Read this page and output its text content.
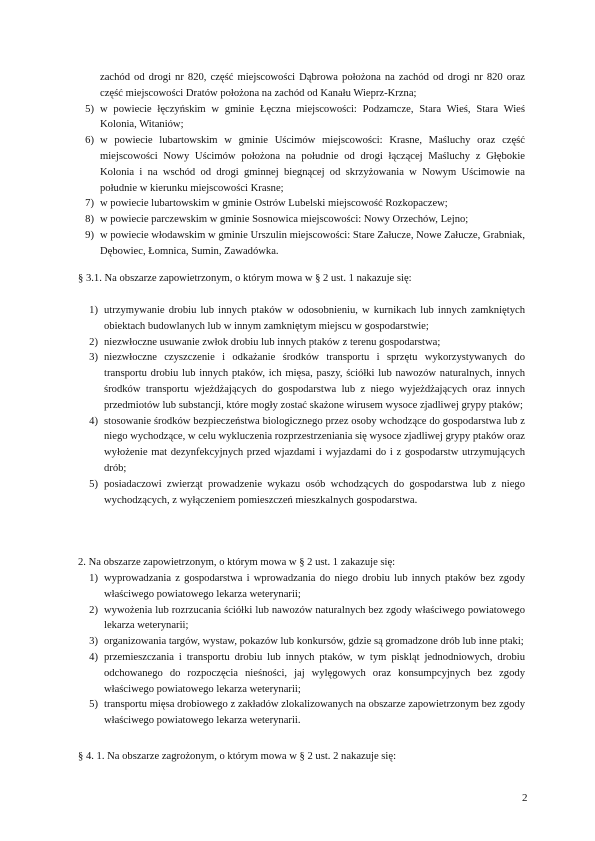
zachód od drogi nr 820, część miejscowości Dąbrowa położona na zachód od drogi nr 820 oraz część miejscowości Dratów położona na zachód od Kanału Wieprz-Krzna;
5) w powiecie łęczyńskim w gminie Łęczna miejscowości: Podzamcze, Stara Wieś, Stara Wieś Kolonia, Witaniów;
6) w powiecie lubartowskim w gminie Uścimów miejscowości: Krasne, Maśluchy oraz część miejscowości Nowy Uścimów położona na południe od drogi łączącej Maśluchy z Głębokie Kolonia i na wschód od drogi gminnej biegnącej od skrzyżowania w Nowym Uścimowie na południe w kierunku miejscowości Krasne;
7) w powiecie lubartowskim w gminie Ostrów Lubelski miejscowość Rozkopaczew;
8) w powiecie parczewskim w gminie Sosnowica miejscowości: Nowy Orzechów, Lejno;
9) w powiecie włodawskim w gminie Urszulin miejscowości: Stare Załucze, Nowe Załucze, Grabniak, Dębowiec, Łomnica, Sumin, Zawadówka.
§ 3.1. Na obszarze zapowietrzonym, o którym mowa w § 2 ust. 1 nakazuje się:
1) utrzymywanie drobiu lub innych ptaków w odosobnieniu, w kurnikach lub innych zamkniętych obiektach budowlanych lub w innym zamkniętym miejscu w gospodarstwie;
2) niezwłoczne usuwanie zwłok drobiu lub innych ptaków z terenu gospodarstwa;
3) niezwłoczne czyszczenie i odkażanie środków transportu i sprzętu wykorzystywanych do transportu drobiu lub innych ptaków, ich mięsa, paszy, ściółki lub nawozów naturalnych, innych środków transportu wjeżdżających do gospodarstwa lub z niego wyjeżdżających oraz innych przedmiotów lub substancji, które mogły zostać skażone wirusem wysoce zjadliwej grypy ptaków;
4) stosowanie środków bezpieczeństwa biologicznego przez osoby wchodzące do gospodarstwa lub z niego wychodzące, w celu wykluczenia rozprzestrzeniania się wysoce zjadliwej grypy ptaków oraz wyłożenie mat dezynfekcyjnych przed wjazdami i wyjazdami do i z gospodarstw utrzymujących drób;
5) posiadaczowi zwierząt prowadzenie wykazu osób wchodzących do gospodarstwa lub z niego wychodzących, z wyłączeniem pomieszczeń mieszkalnych gospodarstwa.
2. Na obszarze zapowietrzonym, o którym mowa w § 2 ust. 1 zakazuje się:
1) wyprowadzania z gospodarstwa i wprowadzania do niego drobiu lub innych ptaków bez zgody właściwego powiatowego lekarza weterynarii;
2) wywożenia lub rozrzucania ściółki lub nawozów naturalnych bez zgody właściwego powiatowego lekarza weterynarii;
3) organizowania targów, wystaw, pokazów lub konkursów, gdzie są gromadzone drób lub inne ptaki;
4) przemieszczania i transportu drobiu lub innych ptaków, w tym piskląt jednodniowych, drobiu odchowanego do rozpoczęcia nieśności, jaj wylęgowych oraz konsumpcyjnych bez zgody właściwego powiatowego lekarza weterynarii;
5) transportu mięsa drobiowego z zakładów zlokalizowanych na obszarze zapowietrzonym bez zgody właściwego powiatowego lekarza weterynarii.
§ 4. 1. Na obszarze zagrożonym, o którym mowa w § 2 ust. 2 nakazuje się:
2
